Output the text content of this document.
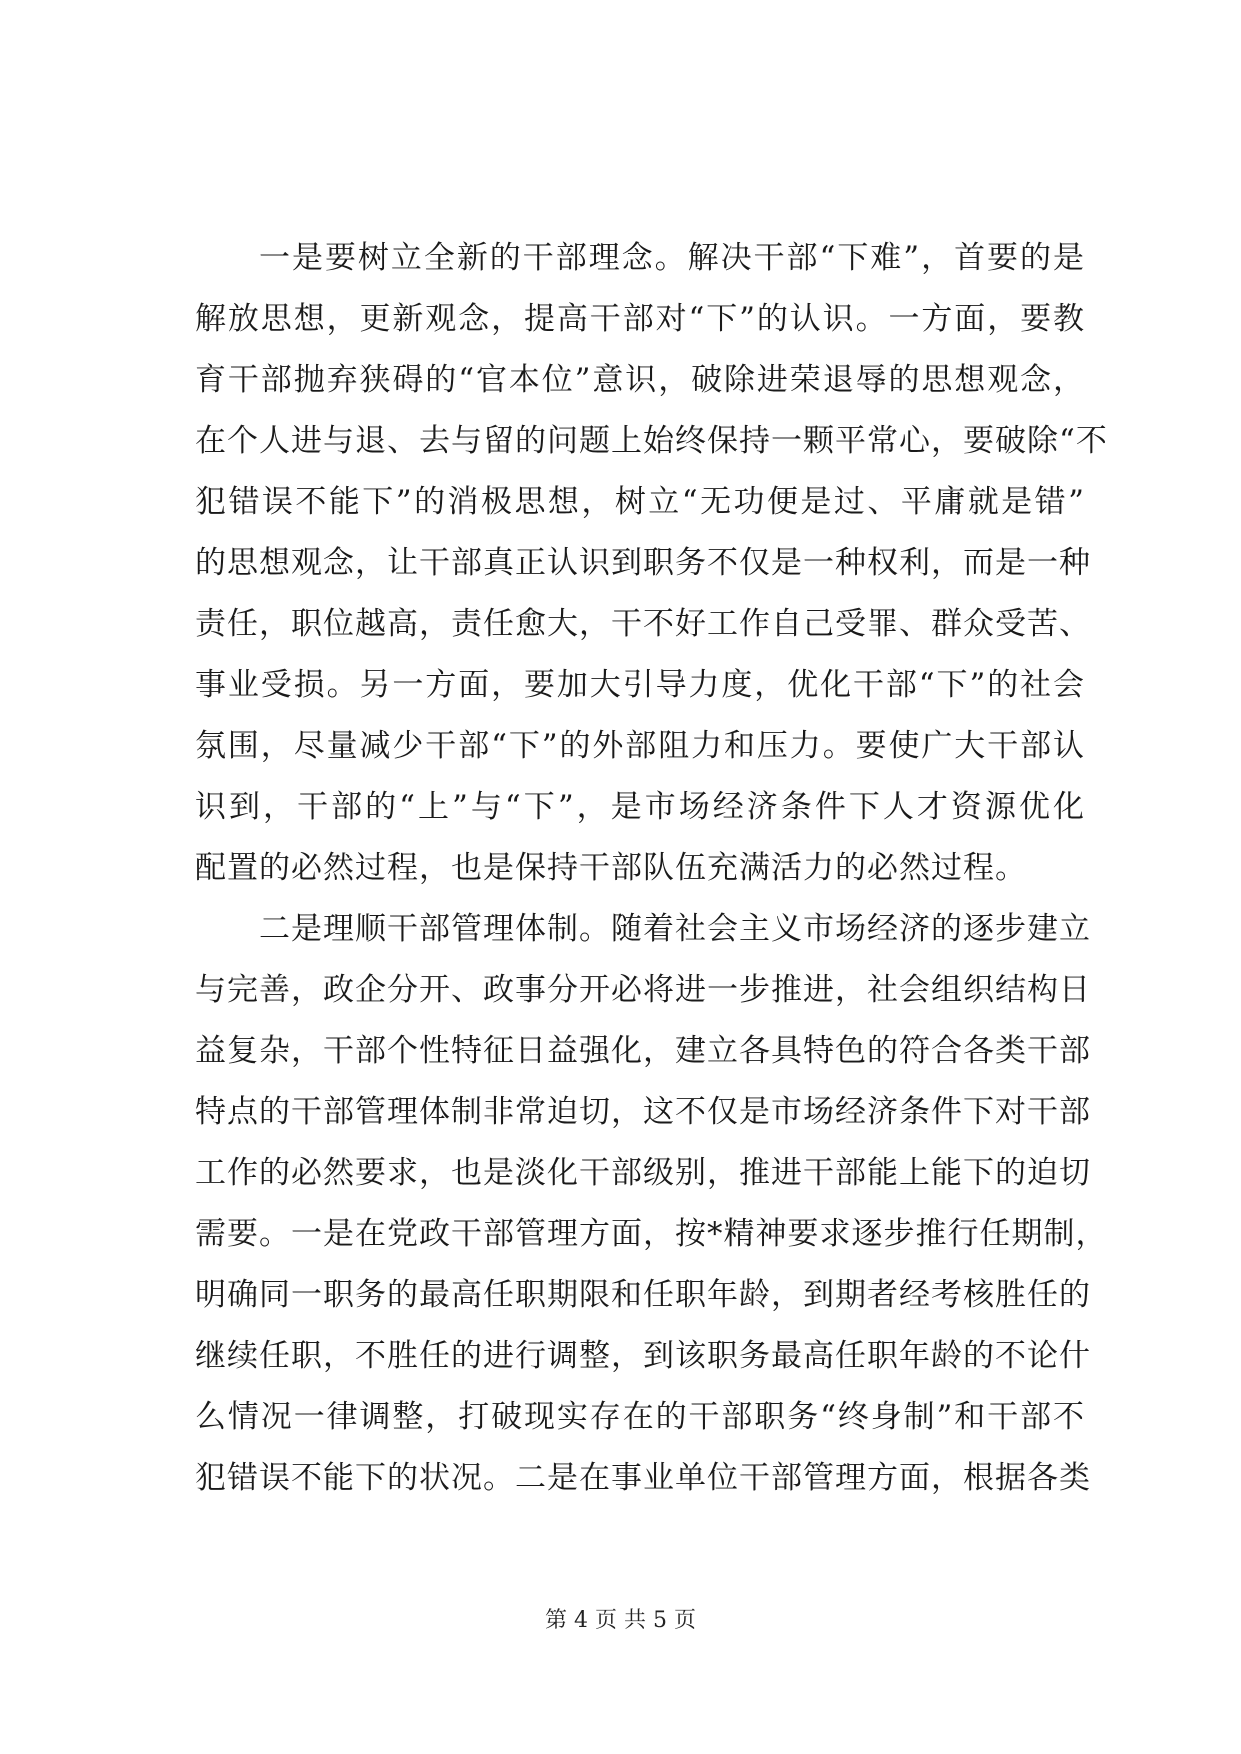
一是要树立全新的干部理念。解决干部“下难”，首要的是
解放思想，更新观念，提高干部对“下”的认识。一方面，要教
育干部抛弃狭碍的“官本位”意识，破除进荣退辱的思想观念，
在个人进与退、去与留的问题上始终保持一颗平常心，要破除“不
犯错误不能下”的消极思想，树立“无功便是过、平庸就是错”
的思想观念，让干部真正认识到职务不仅是一种权利，而是一种
责任，职位越高，责任愈大，干不好工作自己受罪、群众受苦、
事业受损。另一方面，要加大引导力度，优化干部“下”的社会
氛围，尽量减少干部“下”的外部阻力和压力。要使广大干部认
识到，干部的“上”与“下”，是市场经济条件下人才资源优化
配置的必然过程，也是保持干部队伍充满活力的必然过程。
二是理顺干部管理体制。随着社会主义市场经济的逐步建立
与完善，政企分开、政事分开必将进一步推进，社会组织结构日
益复杂，干部个性特征日益强化，建立各具特色的符合各类干部
特点的干部管理体制非常迫切，这不仅是市场经济条件下对干部
工作的必然要求，也是淡化干部级别，推进干部能上能下的迫切
需要。一是在党政干部管理方面，按*精神要求逐步推行任期制，
明确同一职务的最高任职期限和任职年龄，到期者经考核胜任的
继续任职，不胜任的进行调整，到该职务最高任职年龄的不论什
么情况一律调整，打破现实存在的干部职务“终身制”和干部不
犯错误不能下的状况。二是在事业单位干部管理方面，根据各类
第 4 页 共 5 页
